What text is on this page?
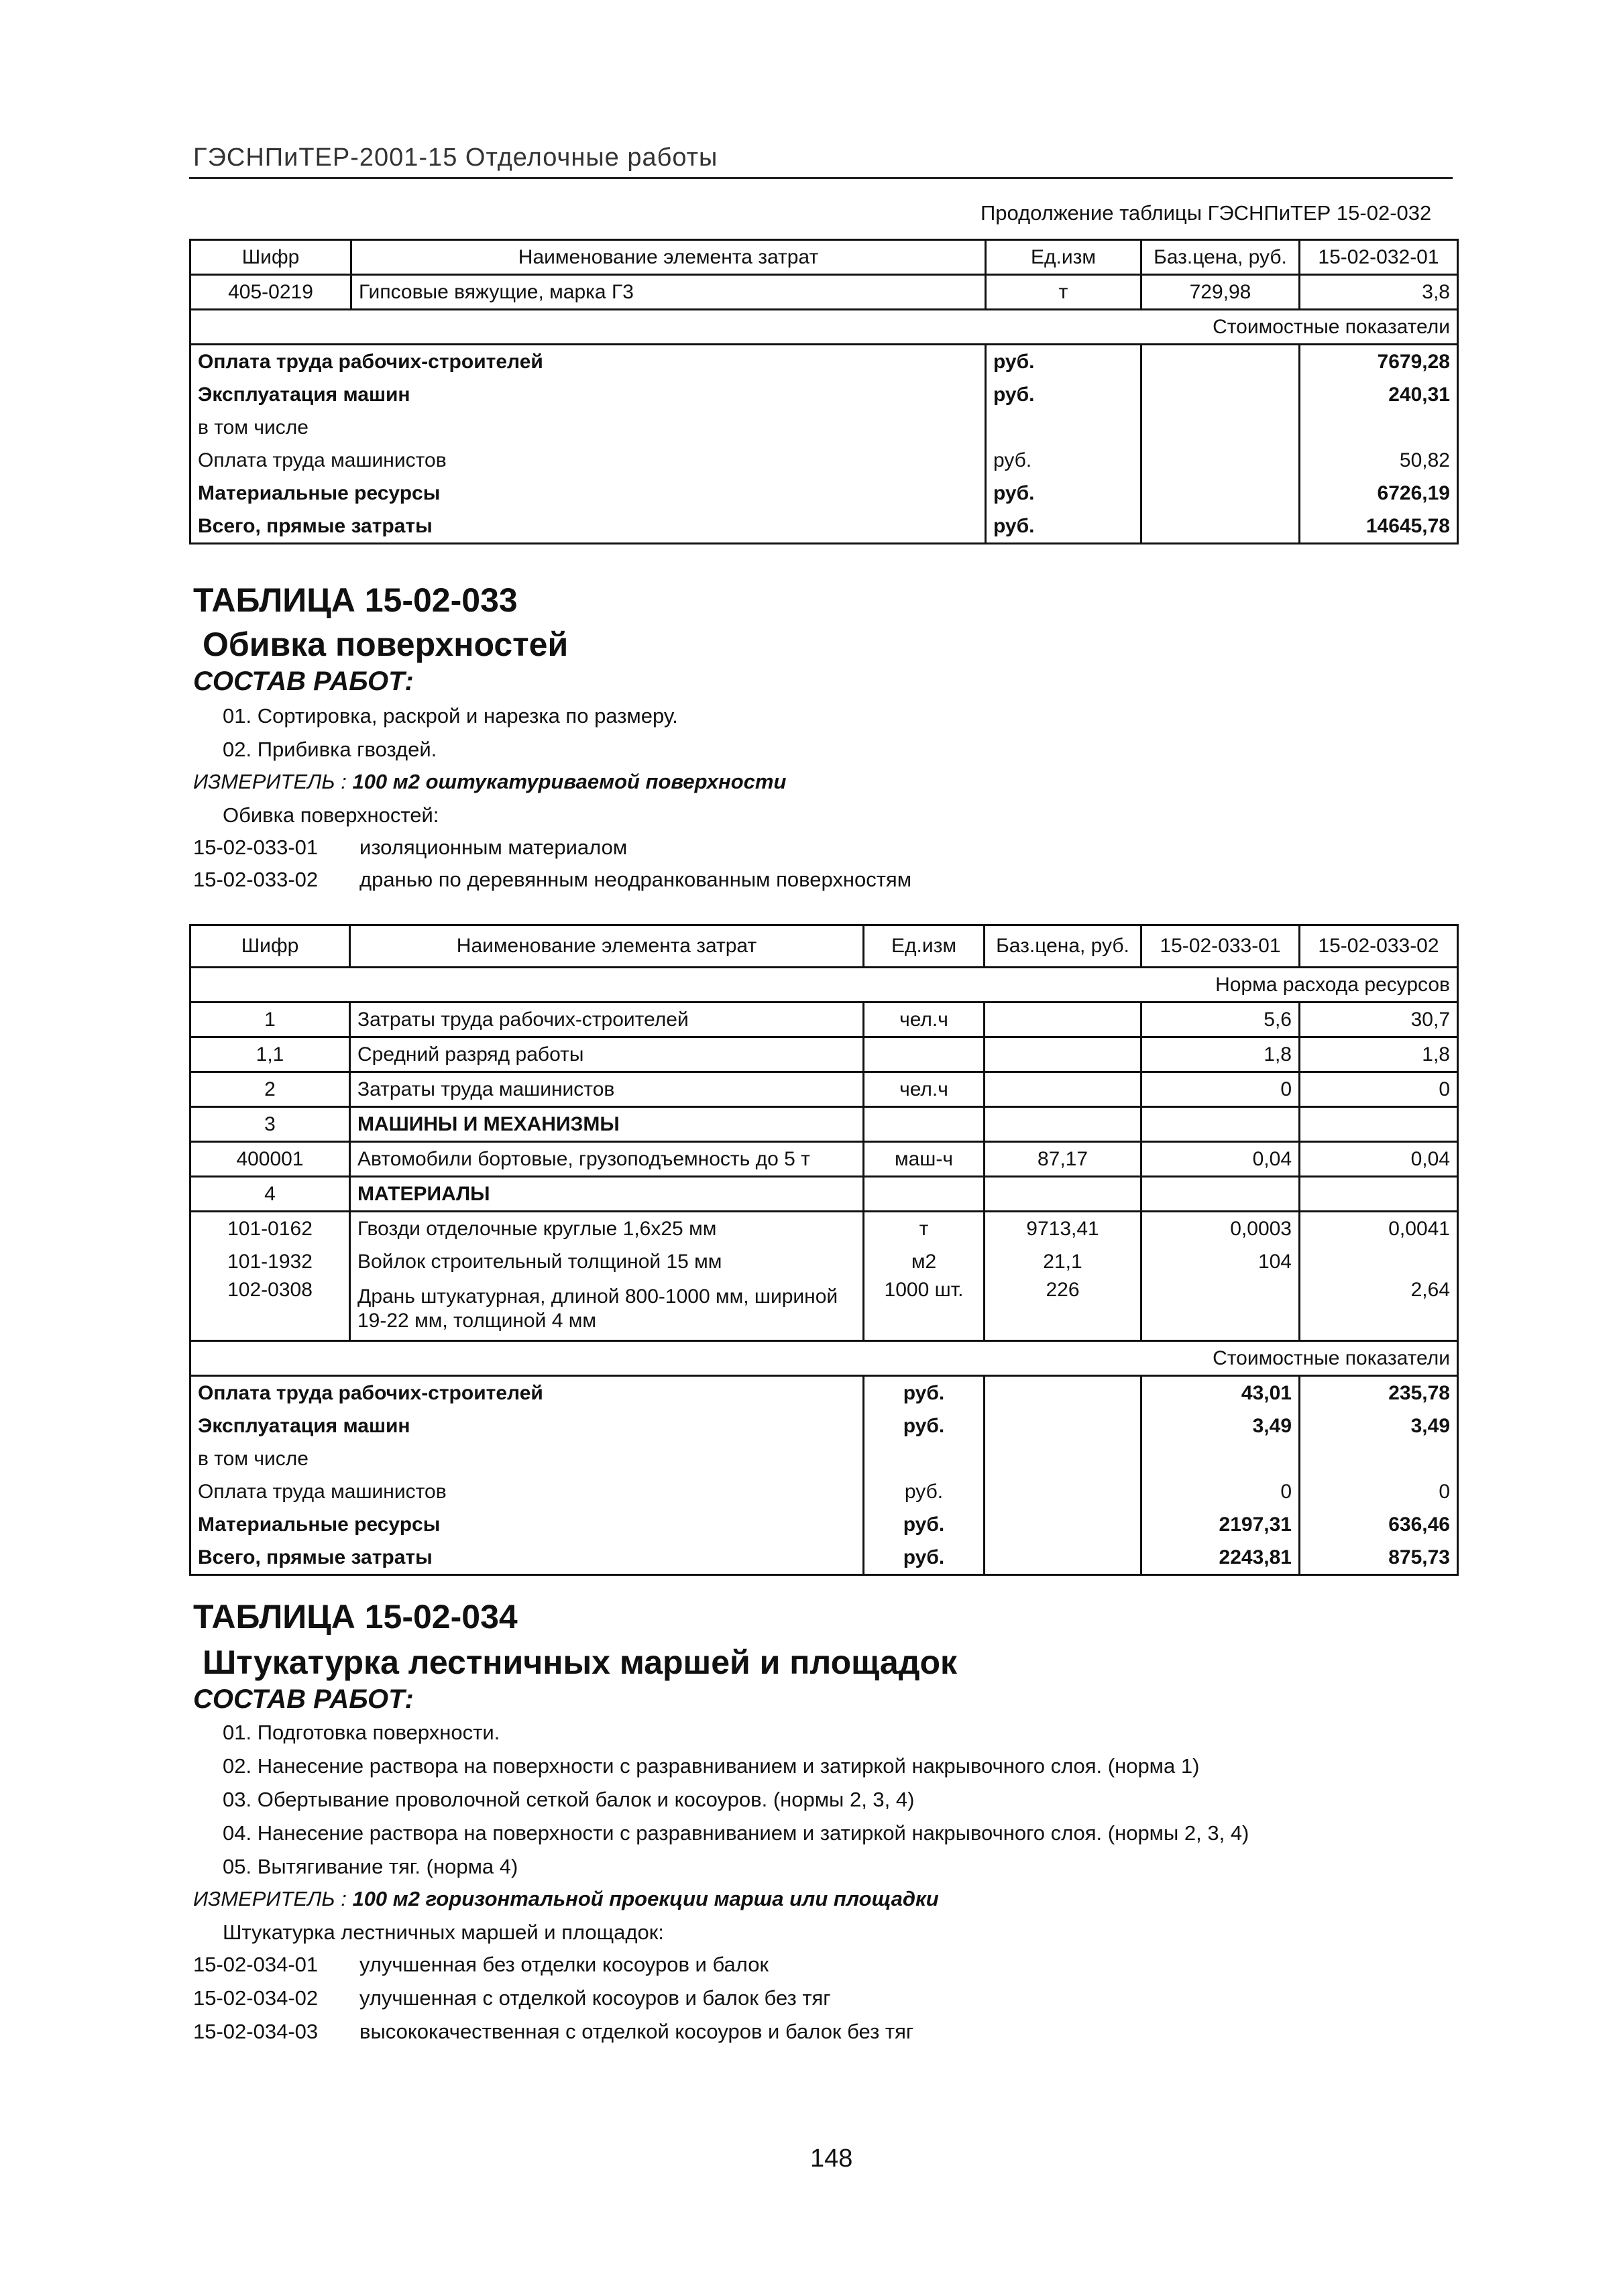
ГЭСНПиТЕР-2001-15 Отделочные работы
Продолжение таблицы ГЭСНПиТЕР 15-02-032
Шифр	Наименование элемента затрат	Ед.изм	Баз.цена, руб.	15-02-032-01
405-0219	Гипсовые вяжущие, марка Г3	т	729,98	3,8
Стоимостные показатели				
Оплата труда рабочих-строителей		руб.		7679,28
Эксплуатация машин		руб.		240,31
в том числе				
Оплата труда машинистов		руб.		50,82
Материальные ресурсы		руб.		6726,19
Всего, прямые затраты		руб.		14645,78
ТАБЛИЦА 15-02-033
Обивка поверхностей
СОСТАВ РАБОТ:
01. Сортировка, раскрой и нарезка по размеру.
02. Прибивка гвоздей.
ИЗМЕРИТЕЛЬ : 100 м2 оштукатуриваемой поверхности
Обивка поверхностей:
15-02-033-01 изоляционным материалом
15-02-033-02 дранью по деревянным неодранкованным поверхностям
Шифр	Наименование элемента затрат	Ед.изм	Баз.цена, руб.	15-02-033-01	15-02-033-02
Норма расхода ресурсов					
1	Затраты труда рабочих-строителей	чел.ч		5,6	30,7
1,1	Средний разряд работы			1,8	1,8
2	Затраты труда машинистов	чел.ч		0	0
3	МАШИНЫ И МЕХАНИЗМЫ				
400001	Автомобили бортовые, грузоподъемность до 5 т	маш-ч	87,17	0,04	0,04
4	МАТЕРИАЛЫ				
101-0162	Гвозди отделочные круглые 1,6x25 мм	т	9713,41	0,0003	0,0041
101-1932	Войлок строительный толщиной 15 мм	м2	21,1	104	
102-0308	Дрань штукатурная, длиной 800-1000 мм, шириной 19-22 мм, толщиной 4 мм	1000 шт.	226		2,64
Стоимостные показатели					
Оплата труда рабочих-строителей		руб.		43,01	235,78
Эксплуатация машин		руб.		3,49	3,49
в том числе					
Оплата труда машинистов		руб.		0	0
Материальные ресурсы		руб.		2197,31	636,46
Всего, прямые затраты		руб.		2243,81	875,73
ТАБЛИЦА 15-02-034
Штукатурка лестничных маршей и площадок
СОСТАВ РАБОТ:
01. Подготовка поверхности.
02. Нанесение раствора на поверхности с разравниванием и затиркой накрывочного слоя. (норма 1)
03. Обертывание проволочной сеткой балок и косоуров. (нормы 2, 3, 4)
04. Нанесение раствора на поверхности с разравниванием и затиркой накрывочного слоя. (нормы 2, 3, 4)
05. Вытягивание тяг. (норма 4)
ИЗМЕРИТЕЛЬ : 100 м2 горизонтальной проекции марша или площадки
Штукатурка лестничных маршей и площадок:
15-02-034-01 улучшенная без отделки косоуров и балок
15-02-034-02 улучшенная с отделкой косоуров и балок без тяг
15-02-034-03 высококачественная с отделкой косоуров и балок без тяг
148
